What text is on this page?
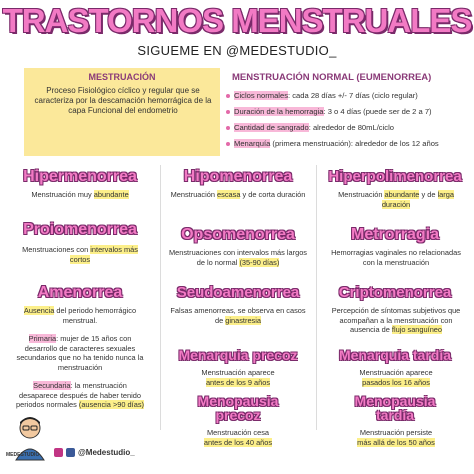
TRASTORNOS MENSTRUALES
SIGUEME EN @MEDESTUDIO_
MESTRUACIÓN
Proceso Fisiológico cíclico y regular que se caracteriza por la descamación hemorrágica de la capa Funcional del endometrio
MENSTRUACIÓN NORMAL (EUMENORREA)
Ciclos normales: cada 28 días +/- 7 días (ciclo regular)
Duración de la hemorragia: 3 o 4 días (puede ser de 2 a 7)
Cantidad de sangrado: alrededor de 80mL/ciclo
Menarquía (primera menstruación): alrededor de los 12 años
Hipermenorrea
Menstruación muy abundante
Proiomenorrea
Menstruaciones con intervalos más cortos
Amenorrea
Ausencia del periodo hemorrágico menstrual.
Primaria: mujer de 15 años con desarrollo de caracteres sexuales secundarios que no ha tenido nunca la menstruación
Secundaria: la menstruación desaparece después de haber tenido periodos normales (ausencia >90 días)
Hipomenorrea
Menstruación escasa y de corta duración
Opsomenorrea
Menstruaciones con intervalos más largos de lo normal (35-90 días)
Seudoamenorrea
Falsas amenorreas, se observa en casos de ginastresia
Menarquia precoz
Menstruación aparece
antes de los 9 años
Menopausia
precoz
Menstruación cesa
antes de los 40 años
Hiperpolimenorrea
Menstruación abundante y de larga duración
Metrorragia
Hemorragias vaginales no relacionadas con la menstruación
Criptomenorrea
Percepción de síntomas subjetivos que acompañan a la menstruación con ausencia de flujo sanguíneo
Menarquia tardía
Menstruación aparece
pasados los 16 años
Menopausia
tardía
Menstruación persiste
más allá de los 50 años
MEDESTUDIO	@Medestudio_
